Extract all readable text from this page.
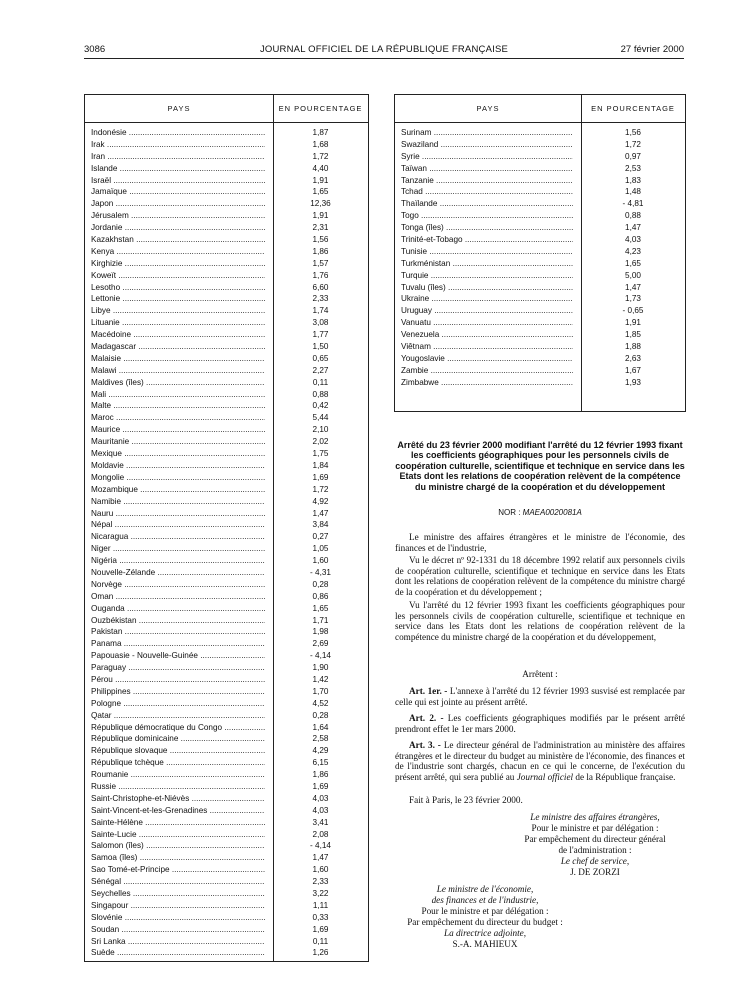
3086	JOURNAL OFFICIEL DE LA RÉPUBLIQUE FRANÇAISE	27 février 2000
PAYS	EN POURCENTAGE
Indonésie .....	1,87
Irak .....	1,68
Iran .....	1,72
Islande .....	4,40
Israël .....	1,91
Jamaïque .....	1,65
Japon .....	12,36
Jérusalem .....	1,91
Jordanie .....	2,31
Kazakhstan .....	1,56
Kenya .....	1,86
Kirghizie .....	1,57
Koweït .....	1,76
Lesotho .....	6,60
Lettonie .....	2,33
Libye .....	1,74
Lituanie .....	3,08
Macédoine .....	1,77
Madagascar .....	1,50
Malaisie .....	0,65
Malawi .....	2,27
Maldives (îles) .....	0,11
Mali .....	0,88
Malte .....	0,42
Maroc .....	5,44
Maurice .....	2,10
Mauritanie .....	2,02
Mexique .....	1,75
Moldavie .....	1,84
Mongolie .....	1,69
Mozambique .....	1,72
Namibie .....	4,92
Nauru .....	1,47
Népal .....	3,84
Nicaragua .....	0,27
Niger .....	1,05
Nigéria .....	1,60
Nouvelle-Zélande .....	- 4,31
Norvège .....	0,28
Oman .....	0,86
Ouganda .....	1,65
Ouzbékistan .....	1,71
Pakistan .....	1,98
Panama .....	2,69
Papouasie - Nouvelle-Guinée .....	- 4,14
Paraguay .....	1,90
Pérou .....	1,42
Philippines .....	1,70
Pologne .....	4,52
Qatar .....	0,28
République démocratique du Congo .....	1,64
République dominicaine .....	2,58
République slovaque .....	4,29
République tchèque .....	6,15
Roumanie .....	1,86
Russie .....	1,69
Saint-Christophe-et-Niévès .....	4,03
Saint-Vincent-et-les-Grenadines .....	4,03
Sainte-Hélène .....	3,41
Sainte-Lucie .....	2,08
Salomon (îles) .....	- 4,14
Samoa (îles) .....	1,47
Sao Tomé-et-Principe .....	1,60
Sénégal .....	2,33
Seychelles .....	3,22
Singapour .....	1,11
Slovénie .....	0,33
Soudan .....	1,69
Sri Lanka .....	0,11
Suède .....	1,26
PAYS	EN POURCENTAGE
Surinam .....	1,56
Swaziland .....	1,72
Syrie .....	0,97
Taïwan .....	2,53
Tanzanie .....	1,83
Tchad .....	1,48
Thaïlande .....	- 4,81
Togo .....	0,88
Tonga (îles) .....	1,47
Trinité-et-Tobago .....	4,03
Tunisie .....	4,23
Turkménistan .....	1,65
Turquie .....	5,00
Tuvalu (îles) .....	1,47
Ukraine .....	1,73
Uruguay .....	- 0,65
Vanuatu .....	1,91
Venezuela .....	1,85
Viêtnam .....	1,88
Yougoslavie .....	2,63
Zambie .....	1,67
Zimbabwe .....	1,93
Arrêté du 23 février 2000 modifiant l'arrêté du 12 février 1993 fixant les coefficients géographiques pour les personnels civils de coopération culturelle, scientifique et technique en service dans les Etats dont les relations de coopération relèvent de la compétence du ministre chargé de la coopération et du développement
NOR : MAEA0020081A
Le ministre des affaires étrangères et le ministre de l'économie, des finances et de l'industrie,
Vu le décret nº 92-1331 du 18 décembre 1992 relatif aux personnels civils de coopération culturelle, scientifique et technique en service dans les Etats dont les relations de coopération relèvent de la compétence du ministre chargé de la coopération et du développement ;
Vu l'arrêté du 12 février 1993 fixant les coefficients géographiques pour les personnels civils de coopération culturelle, scientifique et technique en service dans les Etats dont les relations de coopération relèvent de la compétence du ministre chargé de la coopération et du développement,
Arrêtent :
Art. 1er. - L'annexe à l'arrêté du 12 février 1993 susvisé est remplacée par celle qui est jointe au présent arrêté.
Art. 2. - Les coefficients géographiques modifiés par le présent arrêté prendront effet le 1er mars 2000.
Art. 3. - Le directeur général de l'administration au ministère des affaires étrangères et le directeur du budget au ministère de l'économie, des finances et de l'industrie sont chargés, chacun en ce qui le concerne, de l'exécution du présent arrêté, qui sera publié au Journal officiel de la République française.
Fait à Paris, le 23 février 2000.
Le ministre des affaires étrangères,
Pour le ministre et par délégation :
Par empêchement du directeur général
de l'administration :
Le chef de service,
J. DE ZORZI
Le ministre de l'économie,
des finances et de l'industrie,
Pour le ministre et par délégation :
Par empêchement du directeur du budget :
La directrice adjointe,
S.-A. MAHIEUX
